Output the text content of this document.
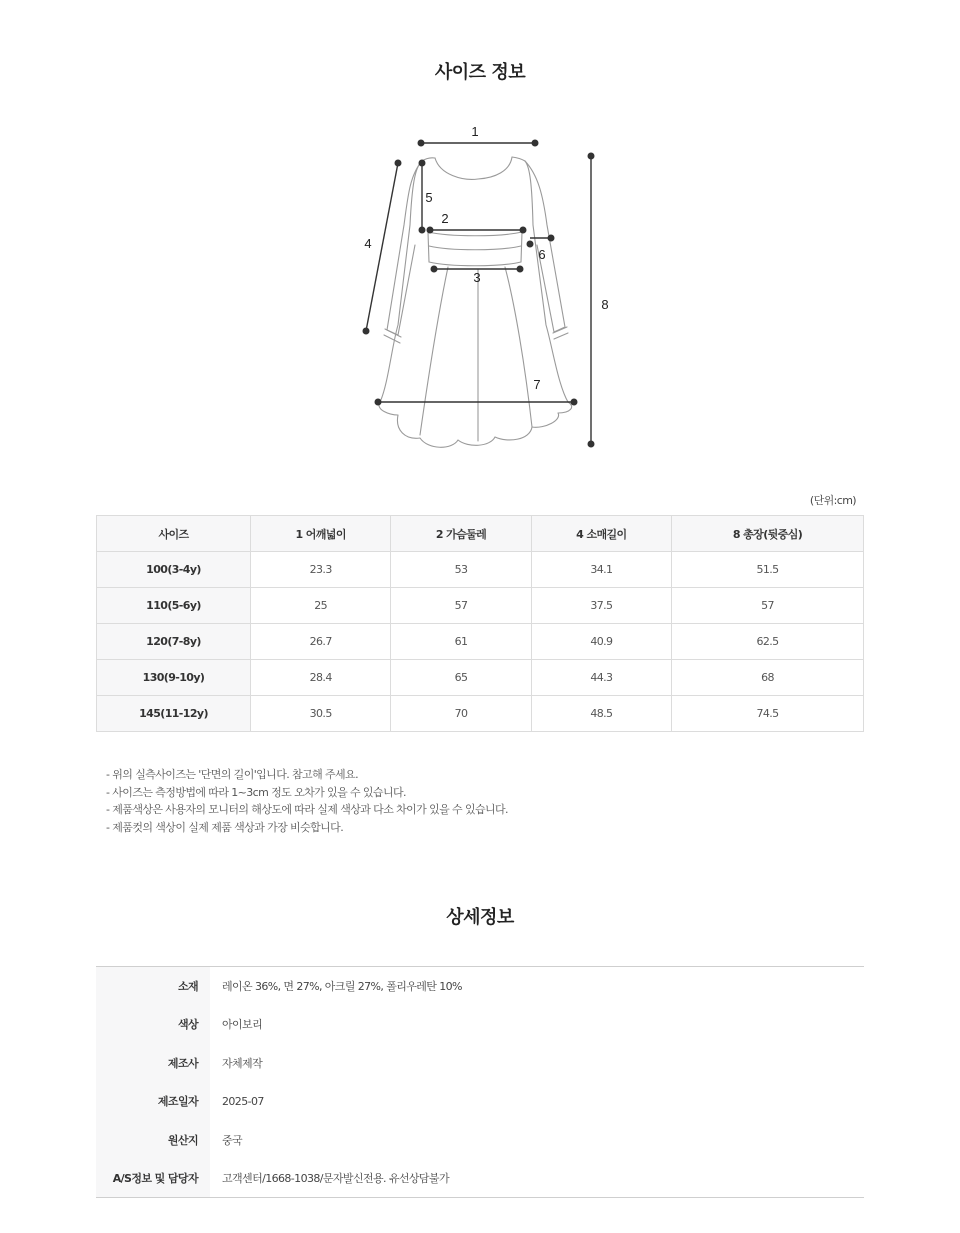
사이즈 정보
1
2
3
4
5
6
7
8
(단위:cm)
사이즈	1 어깨넓이	2 가슴둘레	4 소매길이	8 총장(뒷중심)
100(3-4y)	23.3	53	34.1	51.5
110(5-6y)	25	57	37.5	57
120(7-8y)	26.7	61	40.9	62.5
130(9-10y)	28.4	65	44.3	68
145(11-12y)	30.5	70	48.5	74.5
- 위의 실측사이즈는 '단면의 길이'입니다. 참고해 주세요.
- 사이즈는 측정방법에 따라 1~3cm 정도 오차가 있을 수 있습니다.
- 제품색상은 사용자의 모니터의 해상도에 따라 실제 색상과 다소 차이가 있을 수 있습니다.
- 제품컷의 색상이 실제 제품 색상과 가장 비슷합니다.
상세정보
소재	레이온 36%, 면 27%, 아크릴 27%, 폴리우레탄 10%
색상	아이보리
제조사	자체제작
제조일자	2025-07
원산지	중국
A/S정보 및 담당자	고객센터/1668-1038/문자발신전용. 유선상담불가
